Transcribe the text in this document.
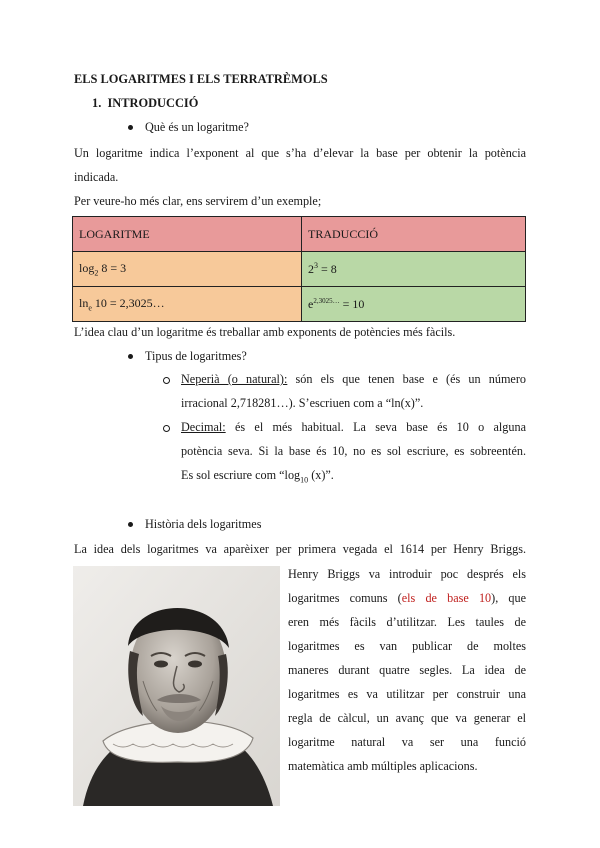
ELS LOGARITMES I ELS TERRATRÈMOLS
1.  INTRODUCCIÓ
Què és un logaritme?
Un logaritme indica l’exponent al que s’ha d’elevar la base per obtenir la potència
indicada.
Per veure-ho més clar, ens servirem d’un exemple;
LOGARITME	TRADUCCIÓ
$\log_2 8 = 3$	$2^3 = 8$
$\ln_e 10$ = 2,3025…	$e^{2,3025\dots} = 10$
L’idea clau d’un logaritme és treballar amb exponents de potències més fàcils.
Tipus de logaritmes?
Neperià (o natural): són els que tenen base e (és un número
irracional 2,718281…). S’escriuen com a “ln(x)”.
Decimal: és el més habitual. La seva base és 10 o alguna
potència seva. Si la base és 10, no es sol escriure, es sobreentén.
Es sol escriure com “$\log_{10}$ (x)”.
Història dels logaritmes
La idea dels logaritmes va aparèixer per primera vegada el 1614 per Henry Briggs.
Henry Briggs va introduir poc després els
logaritmes comuns (els de base 10), que
eren més fàcils d’utilitzar. Les taules de
logaritmes es van publicar de moltes
maneres durant quatre segles. La idea de
logaritmes es va utilitzar per construir una
regla de càlcul, un avanç que va generar el
logaritme natural va ser una funció
matemàtica amb múltiples aplicacions.
